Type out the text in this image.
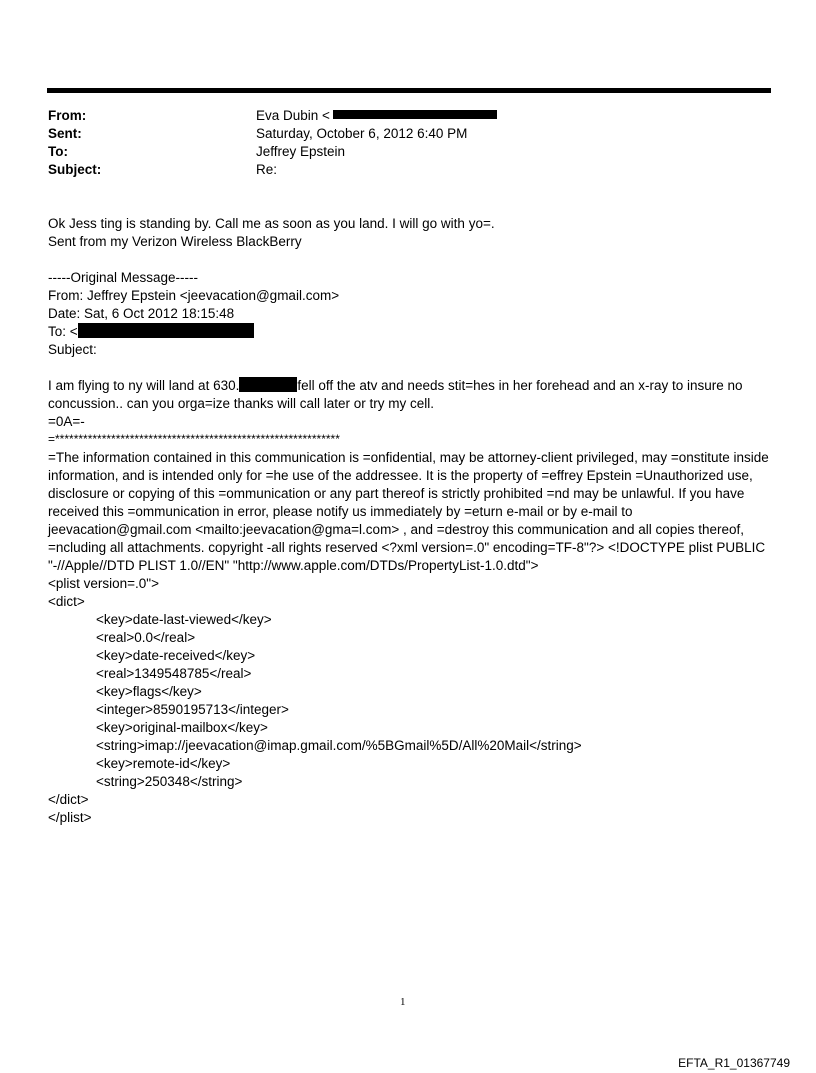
From:	Eva Dubin <
Sent:	Saturday, October 6, 2012 6:40 PM
To:	Jeffrey Epstein
Subject:	Re:
Ok Jess ting is standing by. Call me as soon as you land. I will go with yo=.
Sent from my Verizon Wireless BlackBerry
-----Original Message-----
From: Jeffrey Epstein <jeevacation@gmail.com>
Date: Sat, 6 Oct 2012 18:15:48
To: <
Subject:
I am flying to ny will land at 630.	fell off the atv and needs stit=hes in her forehead and an x-ray to insure no
concussion.. can you orga=ize thanks will call later or try my cell.
=0A=-
=*************************************************************
=The information contained in this communication is =onfidential, may be attorney-client privileged, may =onstitute inside information, and is intended only for =he use of the addressee. It is the property of =effrey Epstein =Unauthorized use, disclosure or copying of this =ommunication or any part thereof is strictly prohibited =nd may be unlawful. If you have received this =ommunication in error, please notify us immediately by =eturn e-mail or by e-mail to jeevacation@gmail.com <mailto:jeevacation@gma=l.com> , and =destroy this communication and all copies thereof, =ncluding all attachments. copyright -all rights reserved <?xml version=.0" encoding=TF-8"?> <!DOCTYPE plist PUBLIC "-//Apple//DTD PLIST 1.0//EN" "http://www.apple.com/DTDs/PropertyList-1.0.dtd">
<plist version=.0">
<dict>
<key>date-last-viewed</key>
<real>0.0</real>
<key>date-received</key>
<real>1349548785</real>
<key>flags</key>
<integer>8590195713</integer>
<key>original-mailbox</key>
<string>imap://jeevacation@imap.gmail.com/%5BGmail%5D/All%20Mail</string>
<key>remote-id</key>
<string>250348</string>
</dict>
</plist>
1
EFTA_R1_01367749
